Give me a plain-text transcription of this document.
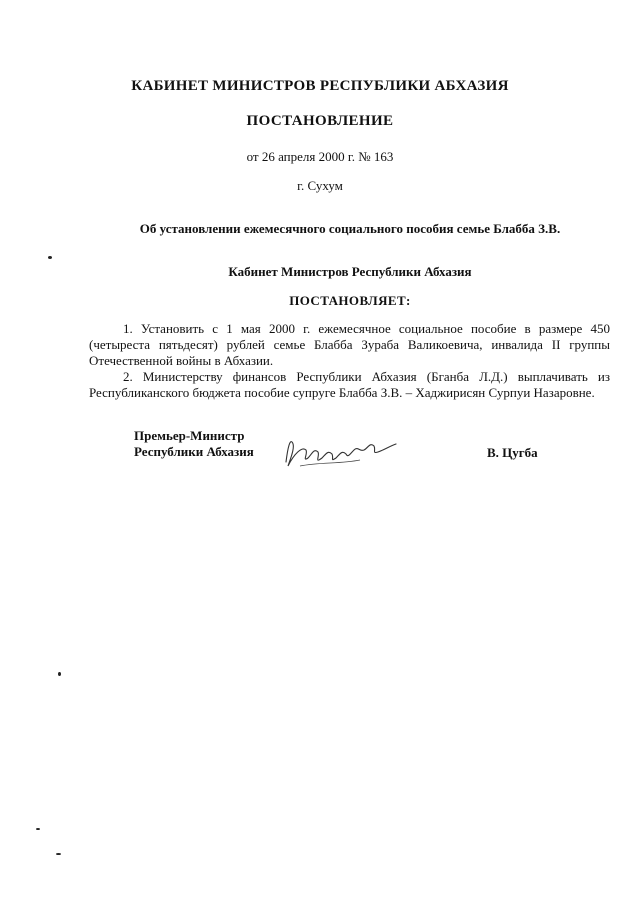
КАБИНЕТ МИНИСТРОВ РЕСПУБЛИКИ АБХАЗИЯ
ПОСТАНОВЛЕНИЕ
от 26 апреля 2000 г. № 163
г. Сухум
Об установлении ежемесячного социального пособия семье Блабба З.В.
Кабинет Министров Республики Абхазия
ПОСТАНОВЛЯЕТ:

1. Установить с 1 мая 2000 г. ежемесячное социальное пособие в размере 450 (четыреста пятьдесят) рублей семье Блабба Зураба Валикоевича, инвалида II группы Отечественной войны в Абхазии.

2. Министерству финансов Республики Абхазия (Бганба Л.Д.) выплачивать из Республиканского бюджета пособие супруге Блабба З.В. – Хаджирисян Сурпуи Назаровне.

Премьер-Министр
Республики Абхазия	В. Цугба
